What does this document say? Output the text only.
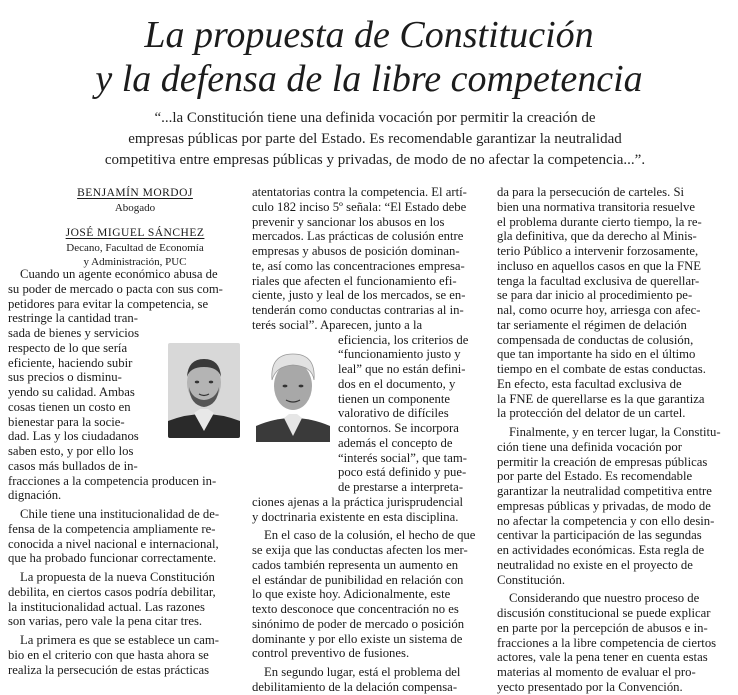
La propuesta de Constitución
y la defensa de la libre competencia

“...la Constitución tiene una definida vocación por permitir la creación de

empresas públicas por parte del Estado. Es recomendable garantizar la neutralidad

competitiva entre empresas públicas y privadas, de modo de no afectar la competencia...”.

BENJAMÍN MORDOJ

Abogado

JOSÉ MIGUEL SÁNCHEZ

Decano, Facultad de Economía

y Administración, PUC

Cuando un agente económico abusa de

su poder de mercado o pacta con sus com-

petidores para evitar la competencia, se

restringe la cantidad tran-

sada de bienes y servicios

respecto de lo que sería

eficiente, haciendo subir

sus precios o disminu-

yendo su calidad. Ambas

cosas tienen un costo en

bienestar para la socie-

dad. Las y los ciudadanos

saben esto, y por ello los

casos más bullados de in-

fracciones a la competencia producen in-

dignación.

Chile tiene una institucionalidad de de-

fensa de la competencia ampliamente re-

conocida a nivel nacional e internacional,

que ha probado funcionar correctamente.

La propuesta de la nueva Constitución

debilita, en ciertos casos podría debilitar,

la institucionalidad actual. Las razones

son varias, pero vale la pena citar tres.

La primera es que se establece un cam-

bio en el criterio con que hasta ahora se

realiza la persecución de estas prácticas

atentatorias contra la competencia. El artí-

culo 182 inciso 5º señala: “El Estado debe

prevenir y sancionar los abusos en los

mercados. Las prácticas de colusión entre

empresas y abusos de posición dominan-

te, así como las concentraciones empresa-

riales que afecten el funcionamiento efi-

ciente, justo y leal de los mercados, se en-

tenderán como conductas contrarias al in-

terés social”. Aparecen, junto a la

eficiencia, los criterios de

“funcionamiento justo y

leal” que no están defini-

dos en el documento, y

tienen un componente

valorativo de difíciles

contornos. Se incorpora

además el concepto de

“interés social”, que tam-

poco está definido y pue-

de prestarse a interpreta-

ciones ajenas a la práctica jurisprudencial

y doctrinaria existente en esta disciplina.

En el caso de la colusión, el hecho de que

se exija que las conductas afecten los mer-

cados también representa un aumento en

el estándar de punibilidad en relación con

lo que existe hoy. Adicionalmente, este

texto desconoce que concentración no es

sinónimo de poder de mercado o posición

dominante y por ello existe un sistema de

control preventivo de fusiones.

En segundo lugar, está el problema del

debilitamiento de la delación compensa-

da para la persecución de carteles. Si

bien una normativa transitoria resuelve

el problema durante cierto tiempo, la re-

gla definitiva, que da derecho al Minis-

terio Público a intervenir forzosamente,

incluso en aquellos casos en que la FNE

tenga la facultad exclusiva de querellar-

se para dar inicio al procedimiento pe-

nal, como ocurre hoy, arriesga con afec-

tar seriamente el régimen de delación

compensada de conductas de colusión,

que tan importante ha sido en el último

tiempo en el combate de estas conductas.

En efecto, esta facultad exclusiva de

la FNE de querellarse es la que garantiza

la protección del delator de un cartel.

Finalmente, y en tercer lugar, la Constitu-

ción tiene una definida vocación por

permitir la creación de empresas públicas

por parte del Estado. Es recomendable

garantizar la neutralidad competitiva entre

empresas públicas y privadas, de modo de

no afectar la competencia y con ello desin-

centivar la participación de las segundas

en actividades económicas. Esta regla de

neutralidad no existe en el proyecto de

Constitución.

Considerando que nuestro proceso de

discusión constitucional se puede explicar

en parte por la percepción de abusos e in-

fracciones a la libre competencia de ciertos

actores, vale la pena tener en cuenta estas

materias al momento de evaluar el pro-

yecto presentado por la Convención.
